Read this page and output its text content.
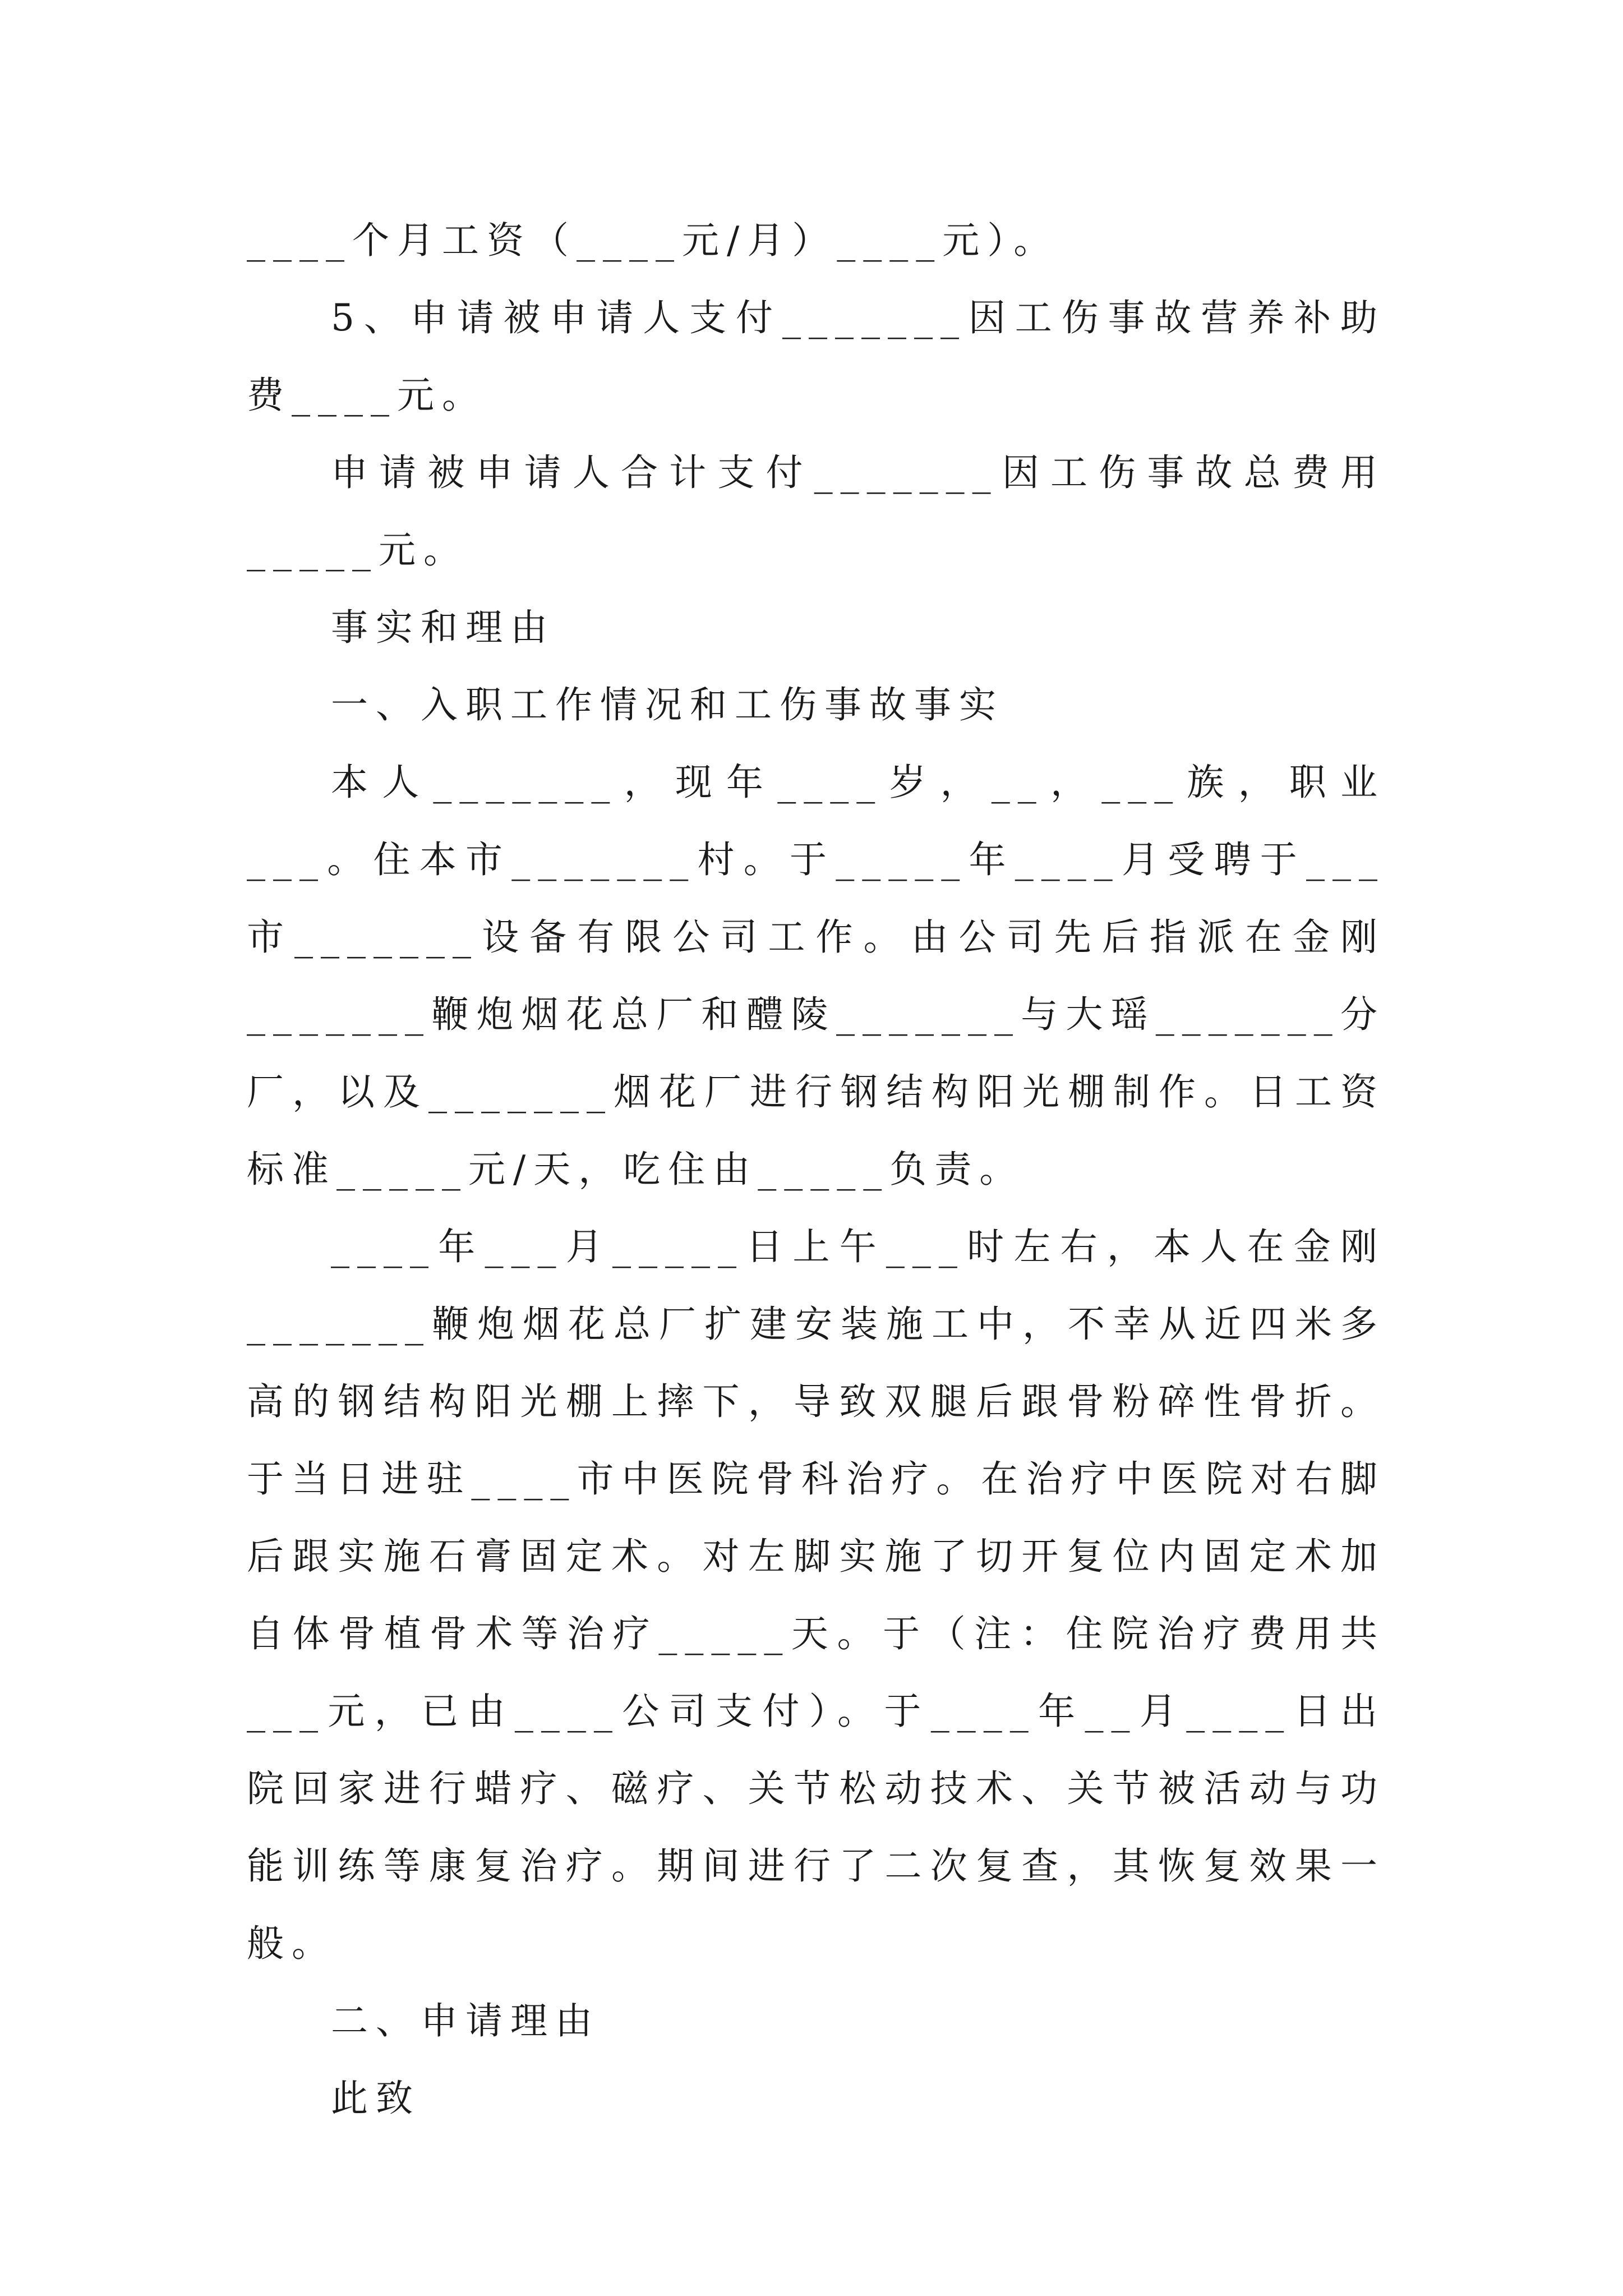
____个月工资（____元/月）____元）。

5、申请被申请人支付_______因工伤事故营养补助费____元。

申请被申请人合计支付_______因工伤事故总费用_____元。

事实和理由

一、入职工作情况和工伤事故事实

本人_______，现年____岁，__，___族，职业___。住本市_______村。于_____年____月受聘于___市_______设备有限公司工作。由公司先后指派在金刚_______鞭炮烟花总厂和醴陵_______与大瑶_______分厂，以及_______烟花厂进行钢结构阳光棚制作。日工资标准_____元/天，吃住由_____负责。

____年___月_____日上午___时左右，本人在金刚_______鞭炮烟花总厂扩建安装施工中，不幸从近四米多高的钢结构阳光棚上摔下，导致双腿后跟骨粉碎性骨折。于当日进驻____市中医院骨科治疗。在治疗中医院对右脚后跟实施石膏固定术。对左脚实施了切开复位内固定术加自体骨植骨术等治疗_____天。于（注：住院治疗费用共___元，已由____公司支付）。于____年__月____日出院回家进行蜡疗、磁疗、关节松动技术、关节被活动与功能训练等康复治疗。期间进行了二次复查，其恢复效果一般。

二、申请理由

此致
